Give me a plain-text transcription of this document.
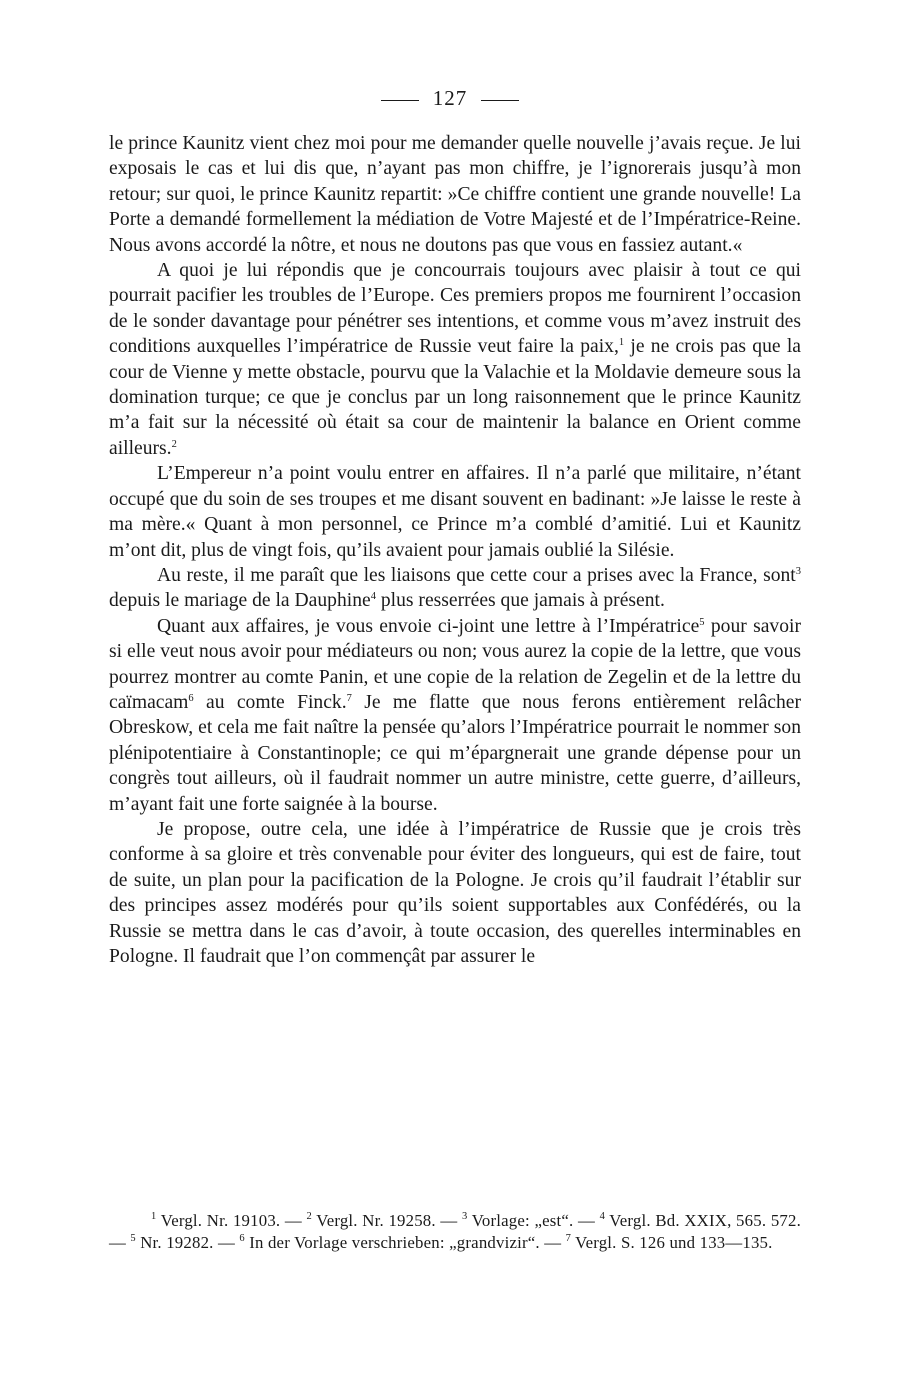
127

le prince Kaunitz vient chez moi pour me demander quelle nouvelle j’avais reçue. Je lui exposais le cas et lui dis que, n’ayant pas mon chiffre, je l’ignorerais jusqu’à mon retour; sur quoi, le prince Kaunitz repartit: »Ce chiffre contient une grande nouvelle! La Porte a demandé formellement la médiation de Votre Majesté et de l’Impératrice-Reine. Nous avons accordé la nôtre, et nous ne doutons pas que vous en fassiez autant.«

A quoi je lui répondis que je concourrais toujours avec plaisir à tout ce qui pourrait pacifier les troubles de l’Europe. Ces premiers propos me fournirent l’occasion de le sonder davantage pour pénétrer ses intentions, et comme vous m’avez instruit des conditions auxquelles l’impératrice de Russie veut faire la paix,$^1$ je ne crois pas que la cour de Vienne y mette obstacle, pourvu que la Valachie et la Moldavie demeure sous la domination turque; ce que je conclus par un long raisonnement que le prince Kaunitz m’a fait sur la nécessité où était sa cour de maintenir la balance en Orient comme ailleurs.$^2$

L’Empereur n’a point voulu entrer en affaires. Il n’a parlé que militaire, n’étant occupé que du soin de ses troupes et me disant souvent en badinant: »Je laisse le reste à ma mère.« Quant à mon personnel, ce Prince m’a comblé d’amitié. Lui et Kaunitz m’ont dit, plus de vingt fois, qu’ils avaient pour jamais oublié la Silésie.

Au reste, il me paraît que les liaisons que cette cour a prises avec la France, sont$^3$ depuis le mariage de la Dauphine$^4$ plus resserrées que jamais à présent.

Quant aux affaires, je vous envoie ci-joint une lettre à l’Impératrice$^5$ pour savoir si elle veut nous avoir pour médiateurs ou non; vous aurez la copie de la lettre, que vous pourrez montrer au comte Panin, et une copie de la relation de Zegelin et de la lettre du caïmacam$^6$ au comte Finck.$^7$ Je me flatte que nous ferons entièrement relâcher Obreskow, et cela me fait naître la pensée qu’alors l’Impératrice pourrait le nommer son plénipotentiaire à Constantinople; ce qui m’épargnerait une grande dépense pour un congrès tout ailleurs, où il faudrait nommer un autre ministre, cette guerre, d’ailleurs, m’ayant fait une forte saignée à la bourse.

Je propose, outre cela, une idée à l’impératrice de Russie que je crois très conforme à sa gloire et très convenable pour éviter des longueurs, qui est de faire, tout de suite, un plan pour la pacification de la Pologne. Je crois qu’il faudrait l’établir sur des principes assez modérés pour qu’ils soient supportables aux Confédérés, ou la Russie se mettra dans le cas d’avoir, à toute occasion, des querelles interminables en Pologne. Il faudrait que l’on commençât par assurer le

$^1$ Vergl. Nr. 19103. — $^2$ Vergl. Nr. 19258. — $^3$ Vorlage: „est“. — $^4$ Vergl. Bd. XXIX, 565. 572. — $^5$ Nr. 19282. — $^6$ In der Vorlage verschrieben: „grandvizir“. — $^7$ Vergl. S. 126 und 133—135.
